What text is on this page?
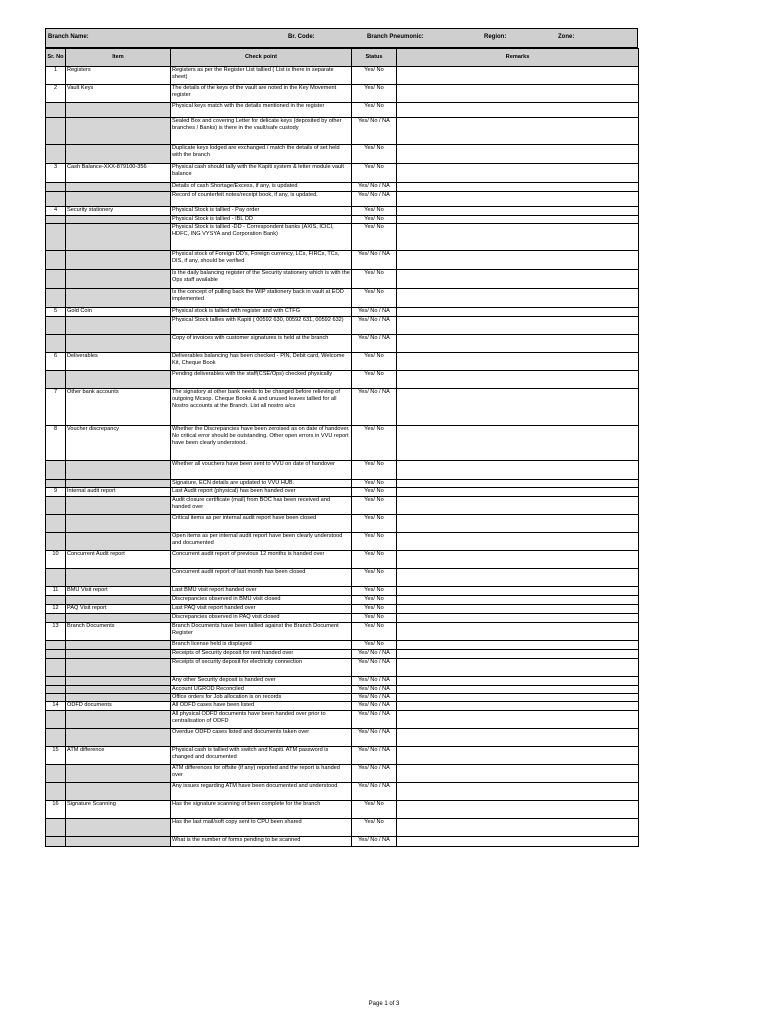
Branch Name:	Br. Code:	Branch Pneumonic:	Region:	Zone:
Sr. No	Item	Check point	Status	Remarks
1	Registers	Registers as per the Register List tallied ( List is there in separate sheet)	Yes/ No	
2	Vault Keys	The details of the keys of the vault are noted in the Key Movement register	Yes/ No	
		Physical keys match with the details mentioned in the register	Yes/ No	
		Sealed Box and covering Letter for delicate keys (deposited by other branches / Banks) is there in the vault/safe custody	Yes/ No / NA	
		Duplicate keys lodged are exchanged / match the details of set held with the branch	Yes/ No	
3	Cash Balance-XXX-879100-356	Physical cash should tally with the Kapiti system & letter module vault balance	Yes/ No	
		Details of cash Shortage/Excess, if any, is updated	Yes/ No / NA	
		Record of counterfeit notes/receipt book, if any, is updated.	Yes/ No / NA	
4	Security stationery	Physical Stock is tallied - Pay order	Yes/ No	
		Physical Stock is tallied - IBL DD	Yes/ No	
		Physical Stock is tallied -DD - Correspondent banks (AXIS, ICICI, HDFC, ING VYSYA and Corporation Bank)	Yes/ No	
		Physical stock of Foreign DD's, Foreign currency, LCs, FIRCs, TCs, DIS, if any, should be verified	Yes/ No / NA	
		Is the daily balancing register of the Security stationery which is with the Ops staff available	Yes/ No	
		Is the concept of pulling back the WIP stationery back in vault at EOD implemented	Yes/ No	
5	Gold Coin	Physical stock is tallied with register and with CTFG	Yes/ No / NA	
		Physical Stock tallies with Kapiti ( 00592 630, 00592 631, 00592 632)	Yes/ No / NA	
		Copy of invoices with customer signatures is held at the branch	Yes/ No / NA	
6	Deliverables	Deliverables balancing has been checked - PIN, Debit card, Welcome Kit, Cheque Book	Yes/ No	
		Pending deliverables with the staff(CSE/Ops) checked physically	Yes/ No	
7	Other bank accounts	The signatory at other bank needs to be changed before relieving of outgoing Mcsop. Cheque Books & and unused leaves tallied for all Nostro accounts at the Branch. List all nostro a/cs	Yes/ No / NA	
8	Voucher discrepancy	Whether the Discrepancies have been zeroised as on date of handover. No critical error should be outstanding. Other open errors in VVU report have been clearly understood.	Yes/ No	
		Whether all vouchers have been sent to VVU on date of handover	Yes/ No	
		Signature, ECN details are updated to VVU HUB.	Yes/ No	
9	Internal audit report	Last Audit report (physical) has been handed over	Yes/ No	
		Audit closure certificate (mail) from BOC has been received and handed over	Yes/ No	
		Critical items as per internal audit report have been closed	Yes/ No	
		Open items as per internal audit report have been clearly understood and documented	Yes/ No	
10	Concurrent Audit report	Concurrent audit report of previous 12 months is handed over	Yes/ No	
		Concurrent audit report of last month has been closed	Yes/ No	
11	BMU Visit report	Last BMU visit report handed over	Yes/ No	
		Discrepancies observed in BMU visit closed	Yes/ No	
12	PAQ Visit report	Last PAQ visit report handed over	Yes/ No	
		Discrepancies observed in PAQ visit closed	Yes/ No	
13	Branch Documents	Branch Documents have been tallied against the Branch Document Register	Yes/ No	
		Branch license held is displayed	Yes/ No	
		Receipts of Security deposit for rent handed over	Yes/ No / NA	
		Receipts of security deposit for electricity connection	Yes/ No / NA	
		Any other Security deposit is handed over	Yes/ No / NA	
		Account UGROD Reconciled	Yes/ No / NA	
		Office orders for Job allocation is on records	Yes/ No / NA	
14	ODFD documents	All ODFD cases have been listed	Yes/ No / NA	
		All physical ODFD documents have been handed over prior to centralisation of ODFD	Yes/ No / NA	
		Overdue ODFD cases listed and documents taken over	Yes/ No / NA	
15	ATM difference	Physical cash is tallied with switch and Kapiti. ATM password is changed and documented	Yes/ No / NA	
		ATM differences for offsite (if any) reported and the report is handed over	Yes/ No / NA	
		Any issues regarding ATM have been documented and understood	Yes/ No / NA	
16	Signature Scanning	Has the signature scanning of been complete for the branch	Yes/ No	
		Has the last mail/soft copy sent to CPU been shared	Yes/ No	
		What is the number of forms pending to be scanned	Yes/ No / NA	
Page 1 of 3
